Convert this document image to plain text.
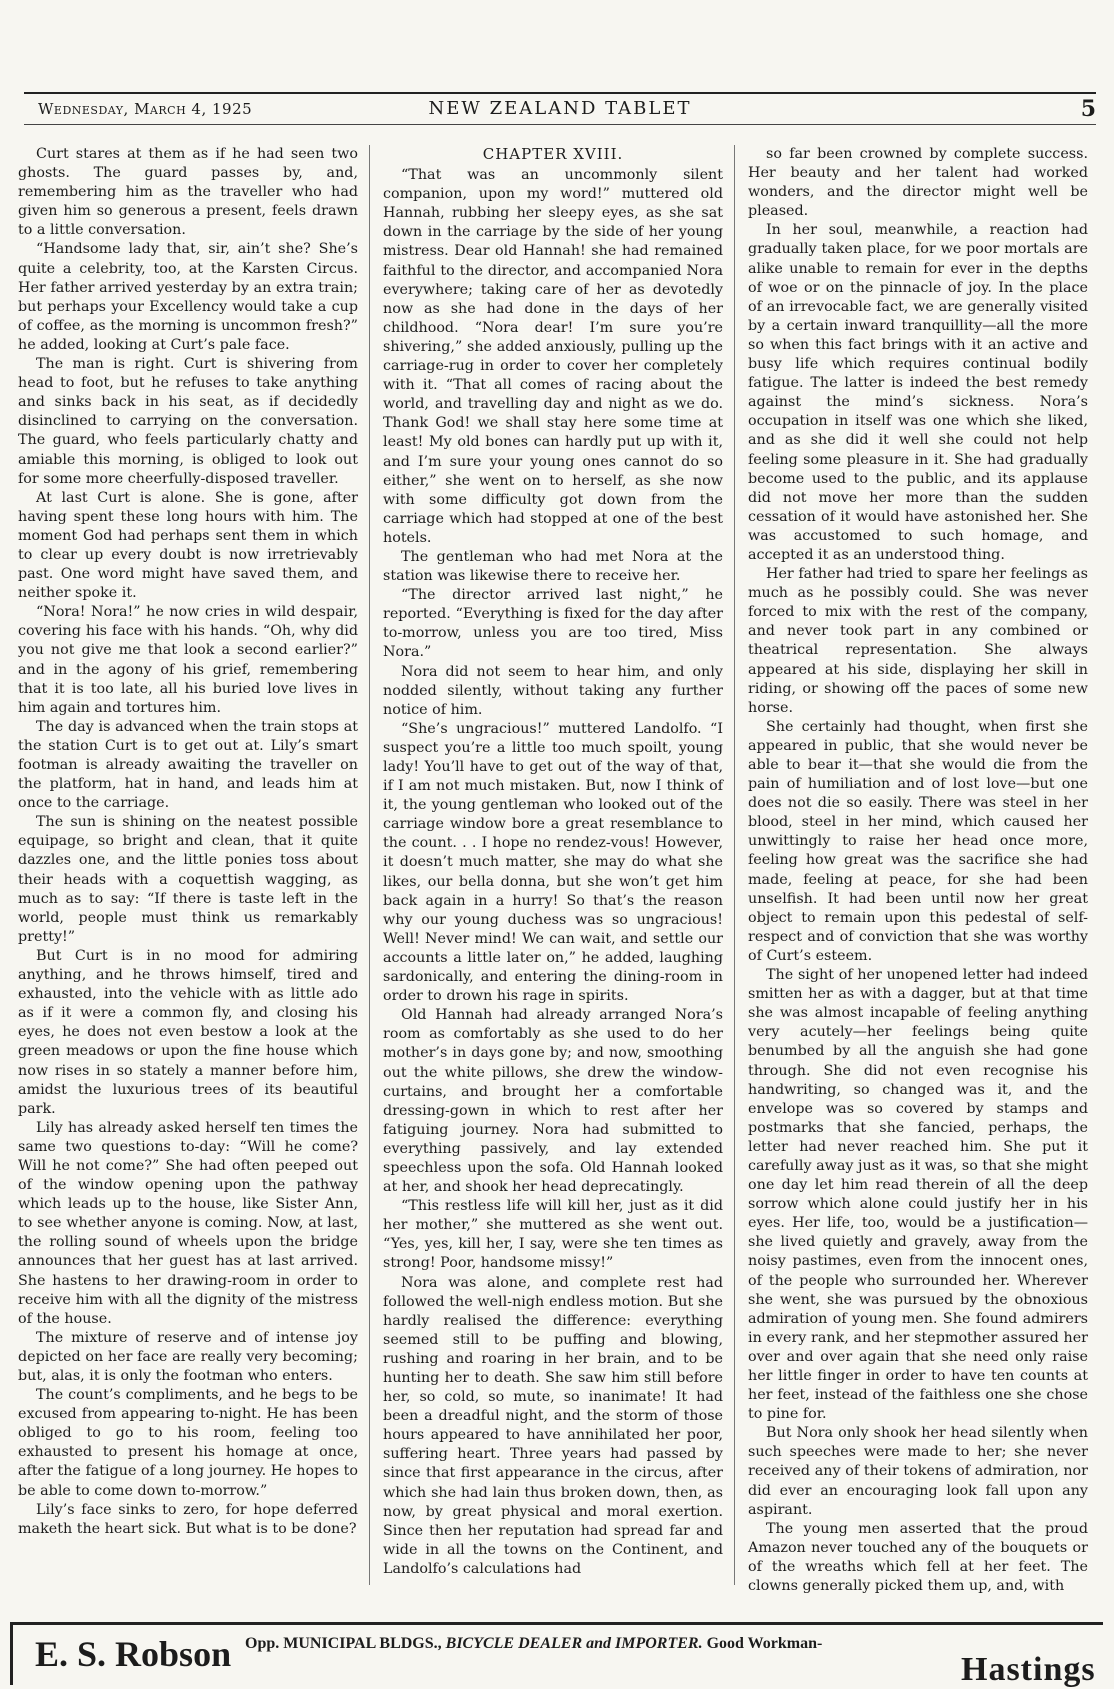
Wednesday, March 4, 1925	NEW ZEALAND TABLET	5

Curt stares at them as if he had seen two ghosts. The guard passes by, and, remembering him as the traveller who had given him so generous a present, feels drawn to a little conversation.

“Handsome lady that, sir, ain’t she? She’s quite a celebrity, too, at the Karsten Circus. Her father arrived yesterday by an extra train; but perhaps your Excellency would take a cup of coffee, as the morning is uncommon fresh?” he added, looking at Curt’s pale face.

The man is right. Curt is shivering from head to foot, but he refuses to take anything and sinks back in his seat, as if decidedly disinclined to carrying on the conversation. The guard, who feels particularly chatty and amiable this morning, is obliged to look out for some more cheerfully-disposed traveller.

At last Curt is alone. She is gone, after having spent these long hours with him. The moment God had perhaps sent them in which to clear up every doubt is now irretrievably past. One word might have saved them, and neither spoke it.

“Nora! Nora!” he now cries in wild despair, covering his face with his hands. “Oh, why did you not give me that look a second earlier?” and in the agony of his grief, remembering that it is too late, all his buried love lives in him again and tortures him.

The day is advanced when the train stops at the station Curt is to get out at. Lily’s smart footman is already awaiting the traveller on the platform, hat in hand, and leads him at once to the carriage.

The sun is shining on the neatest possible equipage, so bright and clean, that it quite dazzles one, and the little ponies toss about their heads with a coquettish wagging, as much as to say: “If there is taste left in the world, people must think us remarkably pretty!”

But Curt is in no mood for admiring anything, and he throws himself, tired and exhausted, into the vehicle with as little ado as if it were a common fly, and closing his eyes, he does not even bestow a look at the green meadows or upon the fine house which now rises in so stately a manner before him, amidst the luxurious trees of its beautiful park.

Lily has already asked herself ten times the same two questions to-day: “Will he come? Will he not come?” She had often peeped out of the window opening upon the pathway which leads up to the house, like Sister Ann, to see whether anyone is coming. Now, at last, the rolling sound of wheels upon the bridge announces that her guest has at last arrived. She hastens to her drawing-room in order to receive him with all the dignity of the mistress of the house.

The mixture of reserve and of intense joy depicted on her face are really very becoming; but, alas, it is only the footman who enters.

The count’s compliments, and he begs to be excused from appearing to-night. He has been obliged to go to his room, feeling too exhausted to present his homage at once, after the fatigue of a long journey. He hopes to be able to come down to-morrow.”

Lily’s face sinks to zero, for hope deferred maketh the heart sick. But what is to be done?

CHAPTER XVIII.

“That was an uncommonly silent companion, upon my word!” muttered old Hannah, rubbing her sleepy eyes, as she sat down in the carriage by the side of her young mistress. Dear old Hannah! she had remained faithful to the director, and accompanied Nora everywhere; taking care of her as devotedly now as she had done in the days of her childhood. “Nora dear! I’m sure you’re shivering,” she added anxiously, pulling up the carriage-rug in order to cover her completely with it. “That all comes of racing about the world, and travelling day and night as we do. Thank God! we shall stay here some time at least! My old bones can hardly put up with it, and I’m sure your young ones cannot do so either,” she went on to herself, as she now with some difficulty got down from the carriage which had stopped at one of the best hotels.

The gentleman who had met Nora at the station was likewise there to receive her.

“The director arrived last night,” he reported. “Everything is fixed for the day after to-morrow, unless you are too tired, Miss Nora.”

Nora did not seem to hear him, and only nodded silently, without taking any further notice of him.

“She’s ungracious!” muttered Landolfo. “I suspect you’re a little too much spoilt, young lady! You’ll have to get out of the way of that, if I am not much mistaken. But, now I think of it, the young gentleman who looked out of the carriage window bore a great resemblance to the count. . . I hope no rendez-vous! However, it doesn’t much matter, she may do what she likes, our bella donna, but she won’t get him back again in a hurry! So that’s the reason why our young duchess was so ungracious! Well! Never mind! We can wait, and settle our accounts a little later on,” he added, laughing sardonically, and entering the dining-room in order to drown his rage in spirits.

Old Hannah had already arranged Nora’s room as comfortably as she used to do her mother’s in days gone by; and now, smoothing out the white pillows, she drew the window-curtains, and brought her a comfortable dressing-gown in which to rest after her fatiguing journey. Nora had submitted to everything passively, and lay extended speechless upon the sofa. Old Hannah looked at her, and shook her head deprecatingly.

“This restless life will kill her, just as it did her mother,” she muttered as she went out. “Yes, yes, kill her, I say, were she ten times as strong! Poor, handsome missy!”

Nora was alone, and complete rest had followed the well-nigh endless motion. But she hardly realised the difference: everything seemed still to be puffing and blowing, rushing and roaring in her brain, and to be hunting her to death. She saw him still before her, so cold, so mute, so inanimate! It had been a dreadful night, and the storm of those hours appeared to have annihilated her poor, suffering heart. Three years had passed by since that first appearance in the circus, after which she had lain thus broken down, then, as now, by great physical and moral exertion. Since then her reputation had spread far and wide in all the towns on the Continent, and Landolfo’s calculations had

so far been crowned by complete success. Her beauty and her talent had worked wonders, and the director might well be pleased.

In her soul, meanwhile, a reaction had gradually taken place, for we poor mortals are alike unable to remain for ever in the depths of woe or on the pinnacle of joy. In the place of an irrevocable fact, we are generally visited by a certain inward tranquillity—all the more so when this fact brings with it an active and busy life which requires continual bodily fatigue. The latter is indeed the best remedy against the mind’s sickness. Nora’s occupation in itself was one which she liked, and as she did it well she could not help feeling some pleasure in it. She had gradually become used to the public, and its applause did not move her more than the sudden cessation of it would have astonished her. She was accustomed to such homage, and accepted it as an understood thing.

Her father had tried to spare her feelings as much as he possibly could. She was never forced to mix with the rest of the company, and never took part in any combined or theatrical representation. She always appeared at his side, displaying her skill in riding, or showing off the paces of some new horse.

She certainly had thought, when first she appeared in public, that she would never be able to bear it—that she would die from the pain of humiliation and of lost love—but one does not die so easily. There was steel in her blood, steel in her mind, which caused her unwittingly to raise her head once more, feeling how great was the sacrifice she had made, feeling at peace, for she had been unselfish. It had been until now her great object to remain upon this pedestal of self-respect and of conviction that she was worthy of Curt’s esteem.

The sight of her unopened letter had indeed smitten her as with a dagger, but at that time she was almost incapable of feeling anything very acutely—her feelings being quite benumbed by all the anguish she had gone through. She did not even recognise his handwriting, so changed was it, and the envelope was so covered by stamps and postmarks that she fancied, perhaps, the letter had never reached him. She put it carefully away just as it was, so that she might one day let him read therein of all the deep sorrow which alone could justify her in his eyes. Her life, too, would be a justification—she lived quietly and gravely, away from the noisy pastimes, even from the innocent ones, of the people who surrounded her. Wherever she went, she was pursued by the obnoxious admiration of young men. She found admirers in every rank, and her stepmother assured her over and over again that she need only raise her little finger in order to have ten counts at her feet, instead of the faithless one she chose to pine for.

But Nora only shook her head silently when such speeches were made to her; she never received any of their tokens of admiration, nor did ever an encouraging look fall upon any aspirant.

The young men asserted that the proud Amazon never touched any of the bouquets or of the wreaths which fell at her feet. The clowns generally picked them up, and, with

E. S. Robson Opp. MUNICIPAL BLDGS., BICYCLE DEALER and IMPORTER. Good Workman-
Hastings
